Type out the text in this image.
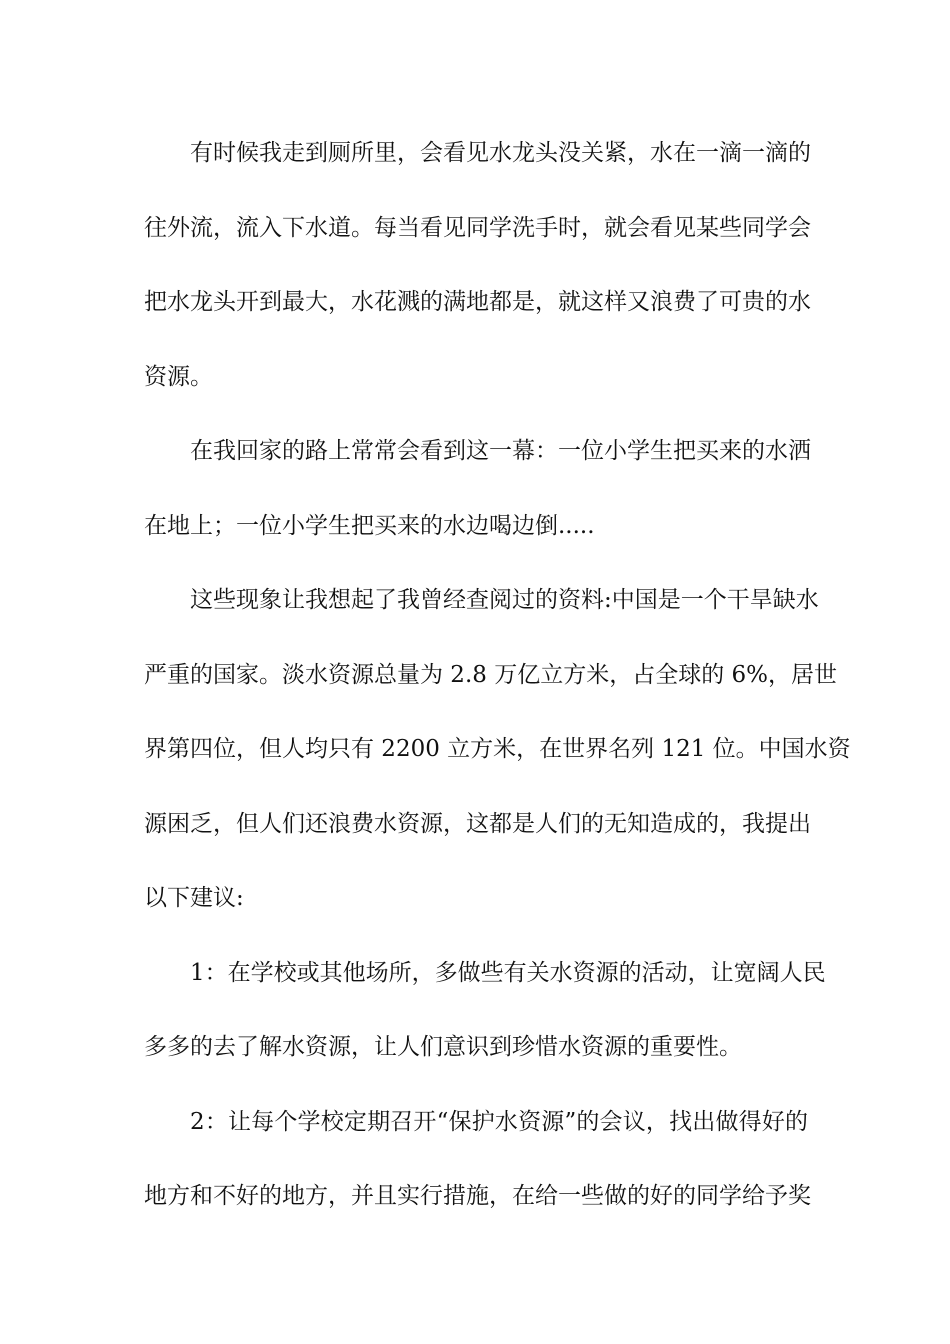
有时候我走到厕所里，会看见水龙头没关紧，水在一滴一滴的
往外流，流入下水道。每当看见同学洗手时，就会看见某些同学会
把水龙头开到最大，水花溅的满地都是，就这样又浪费了可贵的水
资源。
在我回家的路上常常会看到这一幕：一位小学生把买来的水洒
在地上；一位小学生把买来的水边喝边倒.....
这些现象让我想起了我曾经查阅过的资料:中国是一个干旱缺水
严重的国家。淡水资源总量为 2.8 万亿立方米，占全球的 6%，居世
界第四位，但人均只有 2200 立方米，在世界名列 121 位。中国水资
源困乏，但人们还浪费水资源，这都是人们的无知造成的，我提出
以下建议:
1：在学校或其他场所，多做些有关水资源的活动，让宽阔人民
多多的去了解水资源，让人们意识到珍惜水资源的重要性。
2：让每个学校定期召开“保护水资源”的会议，找出做得好的
地方和不好的地方，并且实行措施，在给一些做的好的同学给予奖
